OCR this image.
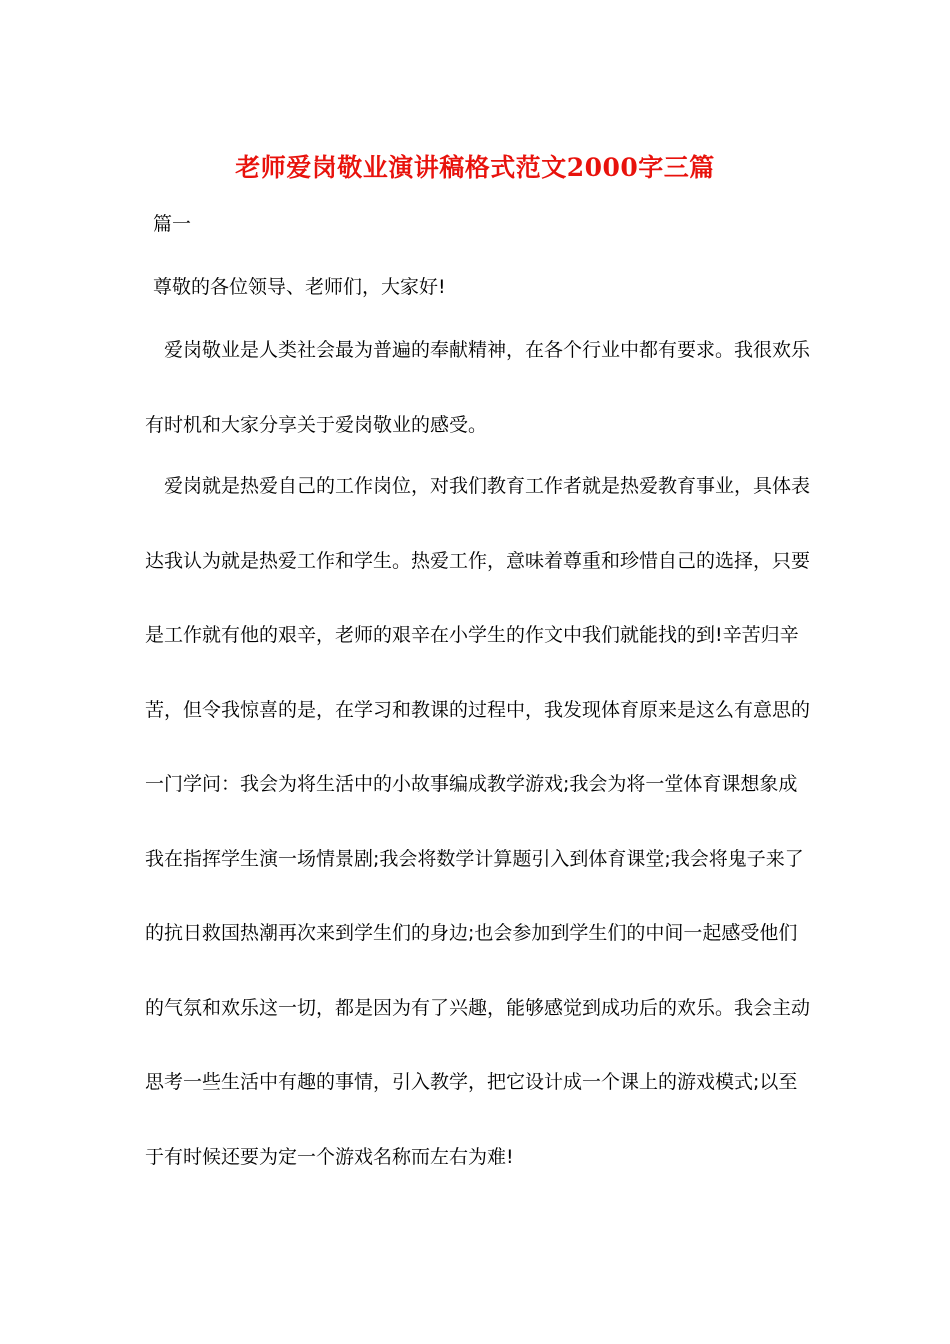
老师爱岗敬业演讲稿格式范文2000字三篇
篇一
尊敬的各位领导、老师们，大家好!

爱岗敬业是人类社会最为普遍的奉献精神，在各个行业中都有要求。我很欢乐有时机和大家分享关于爱岗敬业的感受。

爱岗就是热爱自己的工作岗位，对我们教育工作者就是热爱教育事业，具体表达我认为就是热爱工作和学生。热爱工作，意味着尊重和珍惜自己的选择，只要是工作就有他的艰辛，老师的艰辛在小学生的作文中我们就能找的到!辛苦归辛苦，但令我惊喜的是，在学习和教课的过程中，我发现体育原来是这么有意思的一门学问：我会为将生活中的小故事编成教学游戏;我会为将一堂体育课想象成我在指挥学生演一场情景剧;我会将数学计算题引入到体育课堂;我会将鬼子来了的抗日救国热潮再次来到学生们的身边;也会参加到学生们的中间一起感受他们的气氛和欢乐这一切，都是因为有了兴趣，能够感觉到成功后的欢乐。我会主动思考一些生活中有趣的事情，引入教学，把它设计成一个课上的游戏模式;以至于有时候还要为定一个游戏名称而左右为难!
